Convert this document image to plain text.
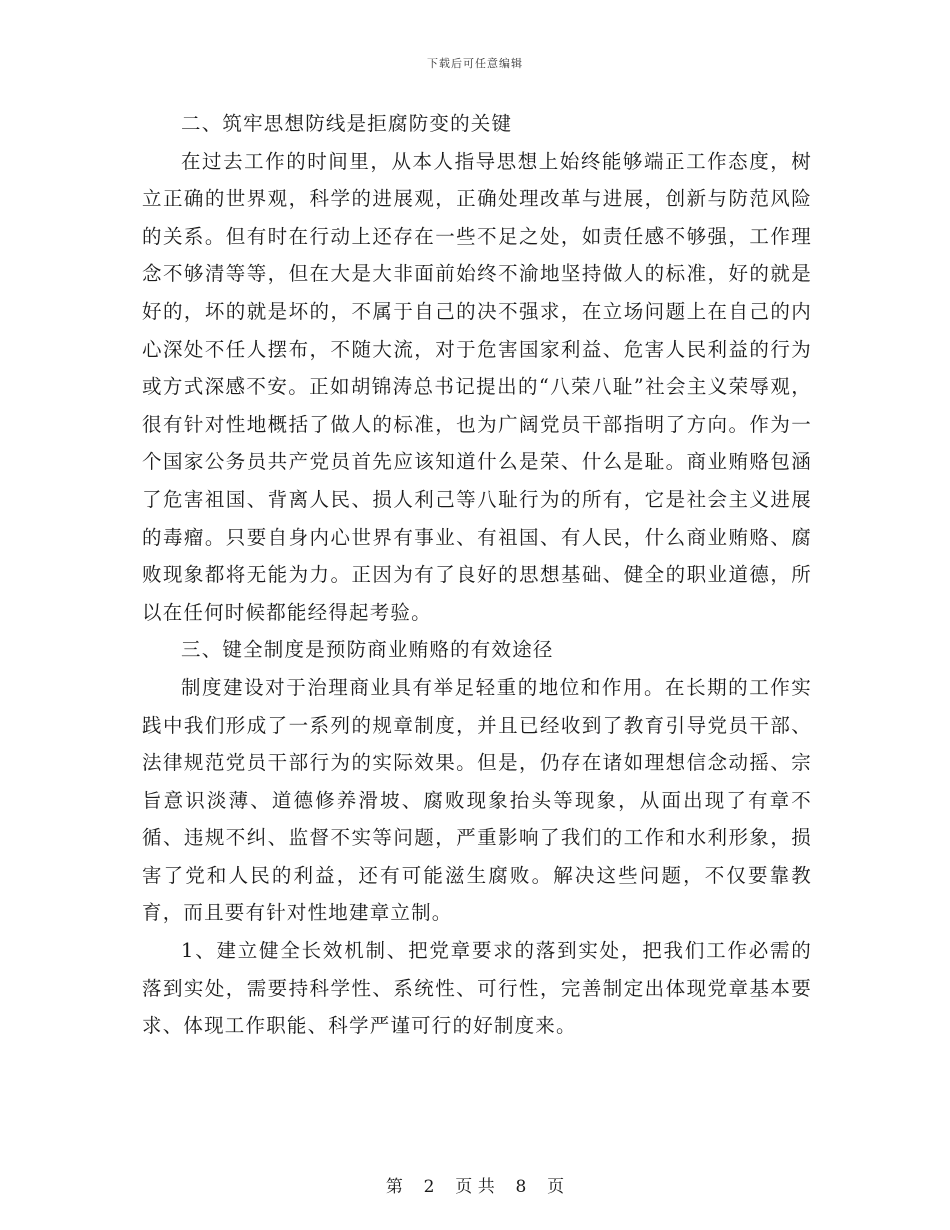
下载后可任意编辑

二、筑牢思想防线是拒腐防变的关键

在过去工作的时间里，从本人指导思想上始终能够端正工作态度，树立正确的世界观，科学的进展观，正确处理改革与进展，创新与防范风险的关系。但有时在行动上还存在一些不足之处，如责任感不够强，工作理念不够清等等，但在大是大非面前始终不渝地坚持做人的标准，好的就是好的，坏的就是坏的，不属于自己的决不强求，在立场问题上在自己的内心深处不任人摆布，不随大流，对于危害国家利益、危害人民利益的行为或方式深感不安。正如胡锦涛总书记提出的“八荣八耻”社会主义荣辱观，很有针对性地概括了做人的标准，也为广阔党员干部指明了方向。作为一个国家公务员共产党员首先应该知道什么是荣、什么是耻。商业贿赂包涵了危害祖国、背离人民、损人利己等八耻行为的所有，它是社会主义进展的毒瘤。只要自身内心世界有事业、有祖国、有人民，什么商业贿赂、腐败现象都将无能为力。正因为有了良好的思想基础、健全的职业道德，所以在任何时候都能经得起考验。

三、键全制度是预防商业贿赂的有效途径

制度建设对于治理商业具有举足轻重的地位和作用。在长期的工作实践中我们形成了一系列的规章制度，并且已经收到了教育引导党员干部、法律规范党员干部行为的实际效果。但是，仍存在诸如理想信念动摇、宗旨意识淡薄、道德修养滑坡、腐败现象抬头等现象，从面出现了有章不循、违规不纠、监督不实等问题，严重影响了我们的工作和水利形象，损害了党和人民的利益，还有可能滋生腐败。解决这些问题，不仅要靠教育，而且要有针对性地建章立制。

1、建立健全长效机制、把党章要求的落到实处，把我们工作必需的落到实处，需要持科学性、系统性、可行性，完善制定出体现党章基本要求、体现工作职能、科学严谨可行的好制度来。

第 2 页 共 8 页
